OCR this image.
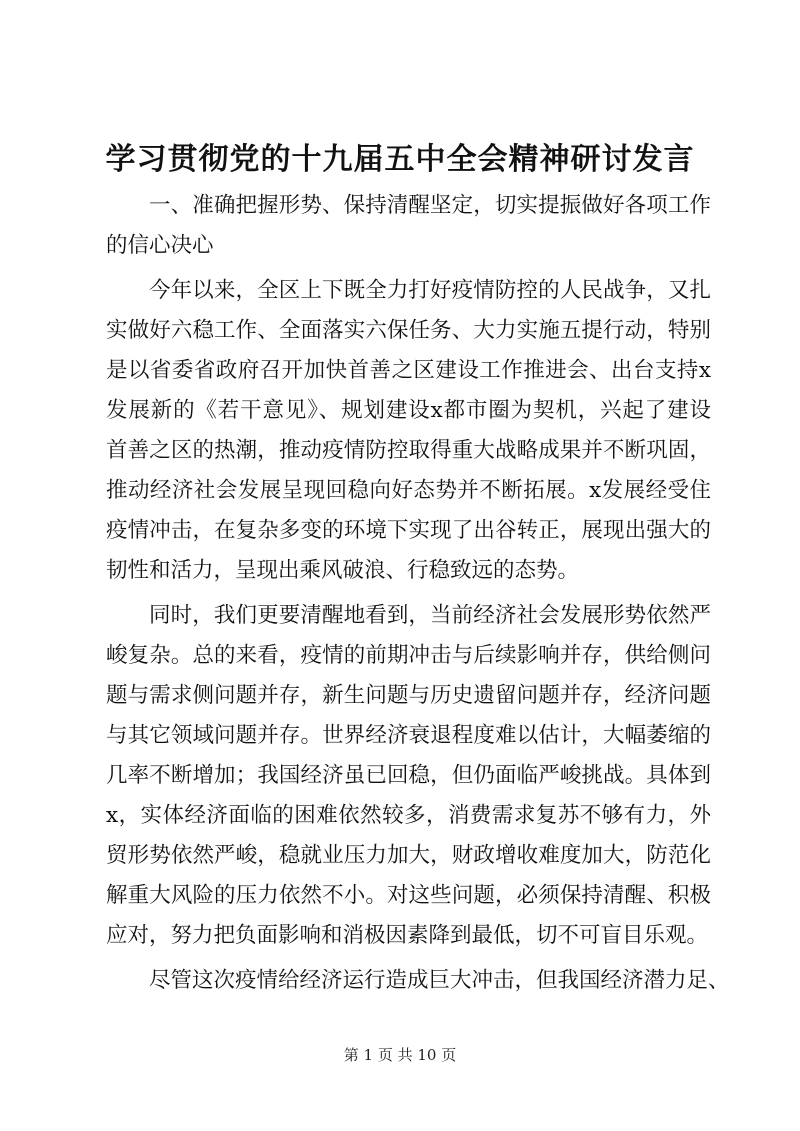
学习贯彻党的十九届五中全会精神研讨发言
一、准确把握形势、保持清醒坚定，切实提振做好各项工作
的信心决心
今年以来，全区上下既全力打好疫情防控的人民战争，又扎
实做好六稳工作、全面落实六保任务、大力实施五提行动，特别
是以省委省政府召开加快首善之区建设工作推进会、出台支持x
发展新的《若干意见》、规划建设x都市圈为契机，兴起了建设
首善之区的热潮，推动疫情防控取得重大战略成果并不断巩固，
推动经济社会发展呈现回稳向好态势并不断拓展。x发展经受住
疫情冲击，在复杂多变的环境下实现了出谷转正，展现出强大的
韧性和活力，呈现出乘风破浪、行稳致远的态势。
同时，我们更要清醒地看到，当前经济社会发展形势依然严
峻复杂。总的来看，疫情的前期冲击与后续影响并存，供给侧问
题与需求侧问题并存，新生问题与历史遗留问题并存，经济问题
与其它领域问题并存。世界经济衰退程度难以估计，大幅萎缩的
几率不断增加；我国经济虽已回稳，但仍面临严峻挑战。具体到
x，实体经济面临的困难依然较多，消费需求复苏不够有力，外
贸形势依然严峻，稳就业压力加大，财政增收难度加大，防范化
解重大风险的压力依然不小。对这些问题，必须保持清醒、积极
应对，努力把负面影响和消极因素降到最低，切不可盲目乐观。
尽管这次疫情给经济运行造成巨大冲击，但我国经济潜力足、
第 1 页 共 10 页
